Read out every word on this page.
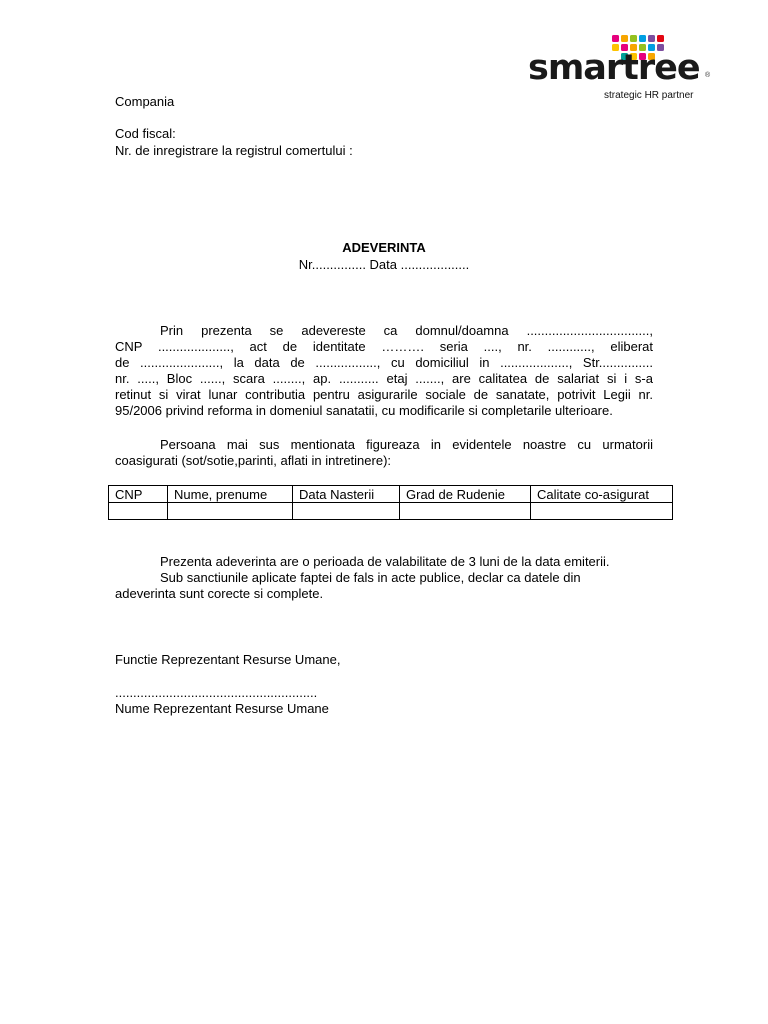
smartree ®
strategic HR partner
Compania
Cod fiscal:
Nr. de inregistrare la registrul comertului :
ADEVERINTA
Nr............... Data ...................
Prin prezenta se adevereste ca domnul/doamna ..................................,
CNP ...................., act de identitate ………. seria ...., nr. ............, eliberat
de ......................, la data de ................., cu domiciliul in ..................., Str...............
nr. ....., Bloc ......, scara ........, ap. ........... etaj ......., are calitatea de salariat si i s-a
retinut si virat lunar contributia pentru asigurarile sociale de sanatate, potrivit Legii nr.
95/2006 privind reforma in domeniul sanatatii, cu modificarile si completarile ulterioare.
Persoana mai sus mentionata figureaza in evidentele noastre cu urmatorii
coasigurati (sot/sotie,parinti, aflati in intretinere):
CNP	Nume, prenume	Data Nasterii	Grad de Rudenie	Calitate co-asigurat

Prezenta adeverinta are o perioada de valabilitate de 3 luni de la data emiterii.
Sub sanctiunile aplicate faptei de fals in acte publice, declar ca datele din
adeverinta sunt corecte si complete.
Functie Reprezentant Resurse Umane,
........................................................
Nume Reprezentant Resurse Umane
